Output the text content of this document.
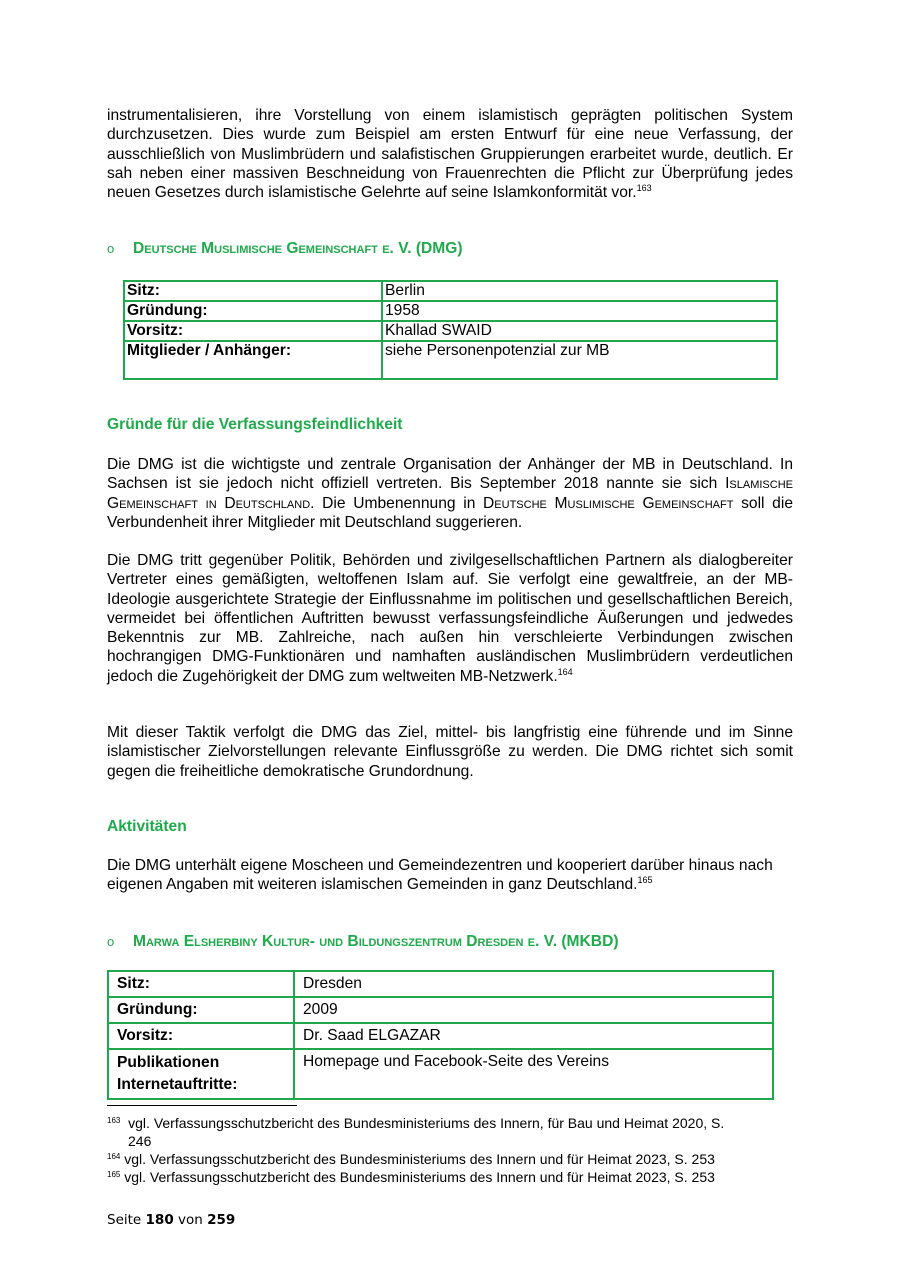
instrumentalisieren, ihre Vorstellung von einem islamistisch geprägten politischen System durchzusetzen. Dies wurde zum Beispiel am ersten Entwurf für eine neue Verfassung, der ausschließlich von Muslimbrüdern und salafistischen Gruppierungen erarbeitet wurde, deutlich. Er sah neben einer massiven Beschneidung von Frauenrechten die Pflicht zur Überprüfung jedes neuen Gesetzes durch islamistische Gelehrte auf seine Islamkonformität vor.$^{163}$

o Deutsche Muslimische Gemeinschaft e. V. (DMG)
Sitz:	Berlin
Gründung:	1958
Vorsitz:	Khallad SWAID
Mitglieder / Anhänger:	siehe Personenpotenzial zur MB
Gründe für die Verfassungsfeindlichkeit

Die DMG ist die wichtigste und zentrale Organisation der Anhänger der MB in Deutschland. In Sachsen ist sie jedoch nicht offiziell vertreten. Bis September 2018 nannte sie sich Islamische Gemeinschaft in Deutschland. Die Umbenennung in Deutsche Muslimische Gemeinschaft soll die Verbundenheit ihrer Mitglieder mit Deutschland suggerieren.

Die DMG tritt gegenüber Politik, Behörden und zivilgesellschaftlichen Partnern als dialogbereiter Vertreter eines gemäßigten, weltoffenen Islam auf. Sie verfolgt eine gewaltfreie, an der MB-Ideologie ausgerichtete Strategie der Einflussnahme im politischen und gesellschaftlichen Bereich, vermeidet bei öffentlichen Auftritten bewusst verfassungsfeindliche Äußerungen und jedwedes Bekenntnis zur MB. Zahlreiche, nach außen hin verschleierte Verbindungen zwischen hochrangigen DMG-Funktionären und namhaften ausländischen Muslimbrüdern verdeutlichen jedoch die Zugehörigkeit der DMG zum weltweiten MB-Netzwerk.$^{164}$

Mit dieser Taktik verfolgt die DMG das Ziel, mittel- bis langfristig eine führende und im Sinne islamistischer Zielvorstellungen relevante Einflussgröße zu werden. Die DMG richtet sich somit gegen die freiheitliche demokratische Grundordnung.

Aktivitäten

Die DMG unterhält eigene Moscheen und Gemeindezentren und kooperiert darüber hinaus nach eigenen Angaben mit weiteren islamischen Gemeinden in ganz Deutschland.$^{165}$

o Marwa Elsherbiny Kultur- und Bildungszentrum Dresden e. V. (MKBD)
Sitz:	Dresden
Gründung:	2009
Vorsitz:	Dr. Saad ELGAZAR
Publikationen Internetauftritte:	Homepage und Facebook-Seite des Vereins
$^{163}$ vgl. Verfassungsschutzbericht des Bundesministeriums des Innern, für Bau und Heimat 2020, S.
246
$^{164}$ vgl. Verfassungsschutzbericht des Bundesministeriums des Innern und für Heimat 2023, S. 253
$^{165}$ vgl. Verfassungsschutzbericht des Bundesministeriums des Innern und für Heimat 2023, S. 253
Seite 180 von 259
